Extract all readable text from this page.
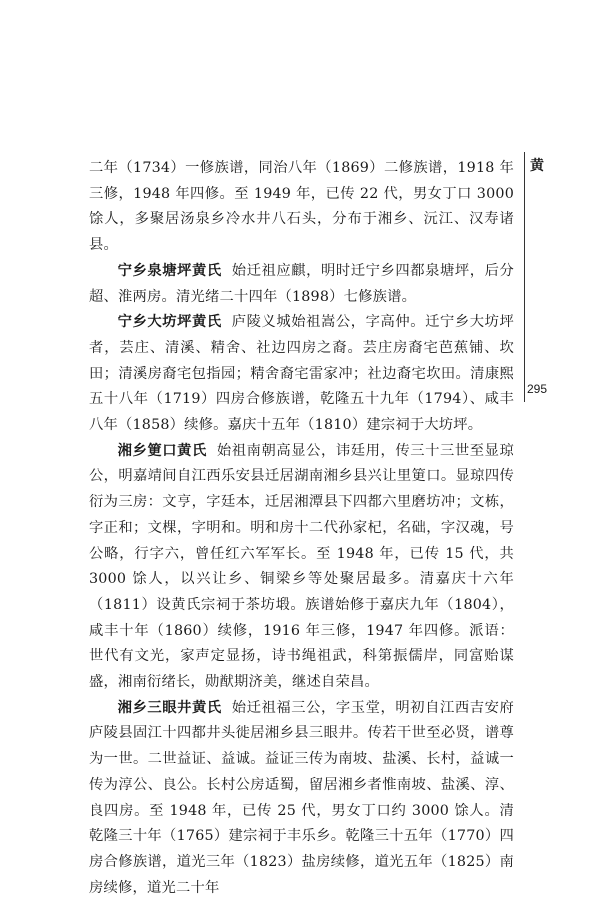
二年（1734）一修族谱，同治八年（1869）二修族谱，1918 年三修，1948 年四修。至 1949 年，已传 22 代，男女丁口 3000 馀人，多聚居汤泉乡冷水井八石头，分布于湘乡、沅江、汉寿诸县。

宁乡泉塘坪黄氏 始迁祖应麒，明时迁宁乡四都泉塘坪，后分超、淮两房。清光绪二十四年（1898）七修族谱。

宁乡大坊坪黄氏 庐陵义城始祖嵩公，字高仲。迁宁乡大坊坪者，芸庄、清溪、精舍、社边四房之裔。芸庄房裔宅芭蕉铺、坎田；清溪房裔宅包指园；精舍裔宅雷家冲；社边裔宅坎田。清康熙五十八年（1719）四房合修族谱，乾隆五十九年（1794）、咸丰八年（1858）续修。嘉庆十五年（1810）建宗祠于大坊坪。

湘乡筻口黄氏 始祖南朝高显公，讳廷用，传三十三世至显琼公，明嘉靖间自江西乐安县迁居湖南湘乡县兴让里筻口。显琼四传衍为三房：文亨，字廷本，迁居湘潭县下四都六里磨坊冲；文栋，字正和；文棵，字明和。明和房十二代孙家杞，名础，字汉魂，号公略，行字六，曾任红六军军长。至 1948 年，已传 15 代，共 3000 馀人，以兴让乡、铜梁乡等处聚居最多。清嘉庆十六年（1811）设黄氏宗祠于茶坊塅。族谱始修于嘉庆九年（1804），咸丰十年（1860）续修，1916 年三修，1947 年四修。派语：世代有文光，家声定显扬，诗书绳祖武，科第振儒岸，同富贻谋盛，湘南衍绪长，勋猷期济美，继述自荣昌。

湘乡三眼井黄氏 始迁祖福三公，字玉堂，明初自江西吉安府庐陵县固江十四都井头徙居湘乡县三眼井。传若干世至必贤，谱尊为一世。二世益证、益诚。益证三传为南坡、盐溪、长村，益诚一传为淳公、良公。长村公房适蜀，留居湘乡者惟南坡、盐溪、淳、良四房。至 1948 年，已传 25 代，男女丁口约 3000 馀人。清乾隆三十年（1765）建宗祠于丰乐乡。乾隆三十五年（1770）四房合修族谱，道光三年（1823）盐房续修，道光五年（1825）南房续修，道光二十年

黄
295
